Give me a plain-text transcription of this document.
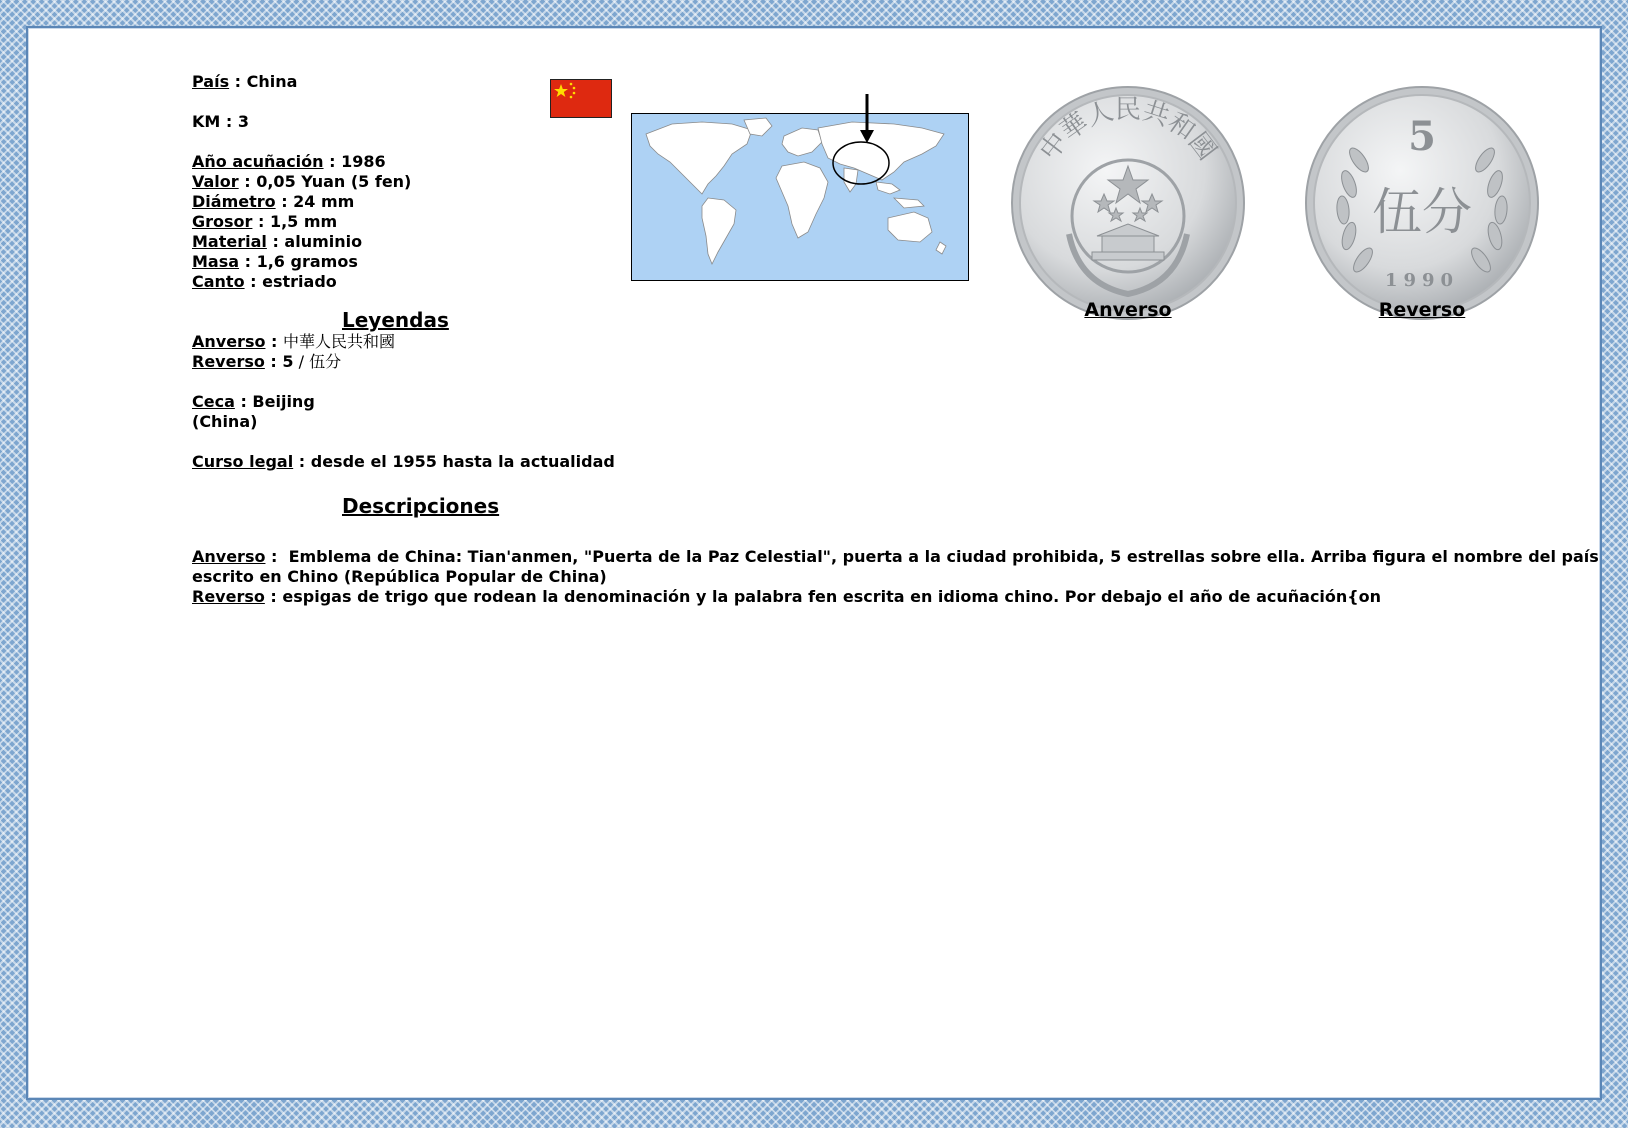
País : China
KM : 3
Año acuñación : 1986
Valor : 0,05 Yuan (5 fen)
Diámetro : 24 mm
Grosor : 1,5 mm
Material : aluminio
Masa : 1,6 gramos
Canto : estriado
Leyendas
Anverso : 中華人民共和國
Reverso : 5 / 伍分
Ceca : Beijing
(China)
Curso legal : desde el 1955 hasta la actualidad
Descripciones
Anverso :  Emblema de China: Tian'anmen, "Puerta de la Paz Celestial", puerta a la ciudad prohibida, 5 estrellas sobre ella. Arriba figura el nombre del país escrito en Chino (República Popular de China)
Reverso : espigas de trigo que rodean la denominación y la palabra fen escrita en idioma chino. Por debajo el año de acuñación{on
中華人民共和國
Anverso
5
伍分
1990
Reverso
